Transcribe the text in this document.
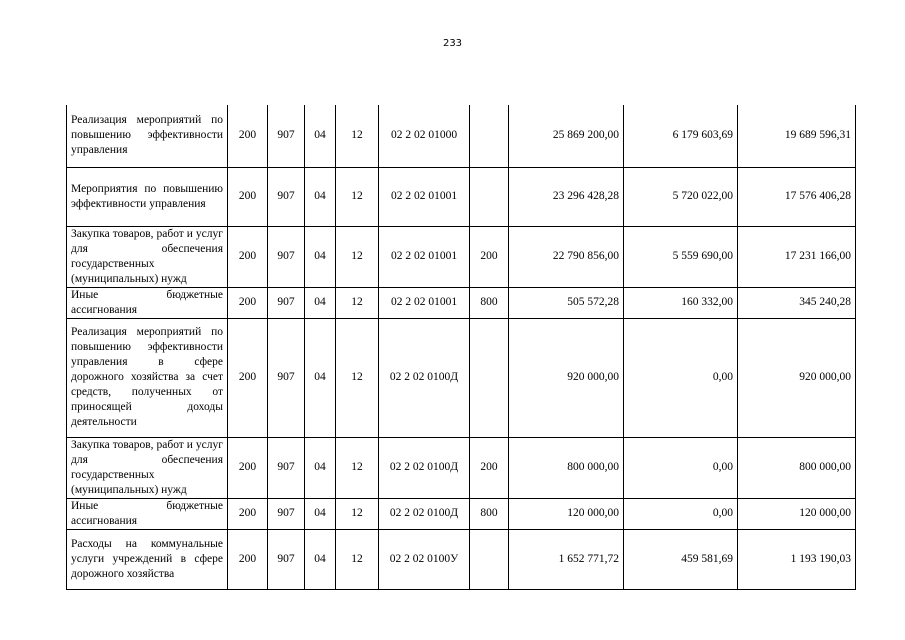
233
Реализация мероприятий по повышению эффективности управления	200	907	04	12	02 2 02 01000		25 869 200,00	6 179 603,69	19 689 596,31
Мероприятия по повышению эффективности управления	200	907	04	12	02 2 02 01001		23 296 428,28	5 720 022,00	17 576 406,28
Закупка товаров, работ и услуг для обеспечения государственных (муниципальных) нужд	200	907	04	12	02 2 02 01001	200	22 790 856,00	5 559 690,00	17 231 166,00
Иные бюджетные ассигнования	200	907	04	12	02 2 02 01001	800	505 572,28	160 332,00	345 240,28
Реализация мероприятий по повышению эффективности управления в сфере дорожного хозяйства за счет средств, полученных от приносящей доходы деятельности	200	907	04	12	02 2 02 0100Д		920 000,00	0,00	920 000,00
Закупка товаров, работ и услуг для обеспечения государственных (муниципальных) нужд	200	907	04	12	02 2 02 0100Д	200	800 000,00	0,00	800 000,00
Иные бюджетные ассигнования	200	907	04	12	02 2 02 0100Д	800	120 000,00	0,00	120 000,00
Расходы на коммунальные услуги учреждений в сфере дорожного хозяйства	200	907	04	12	02 2 02 0100У		1 652 771,72	459 581,69	1 193 190,03
